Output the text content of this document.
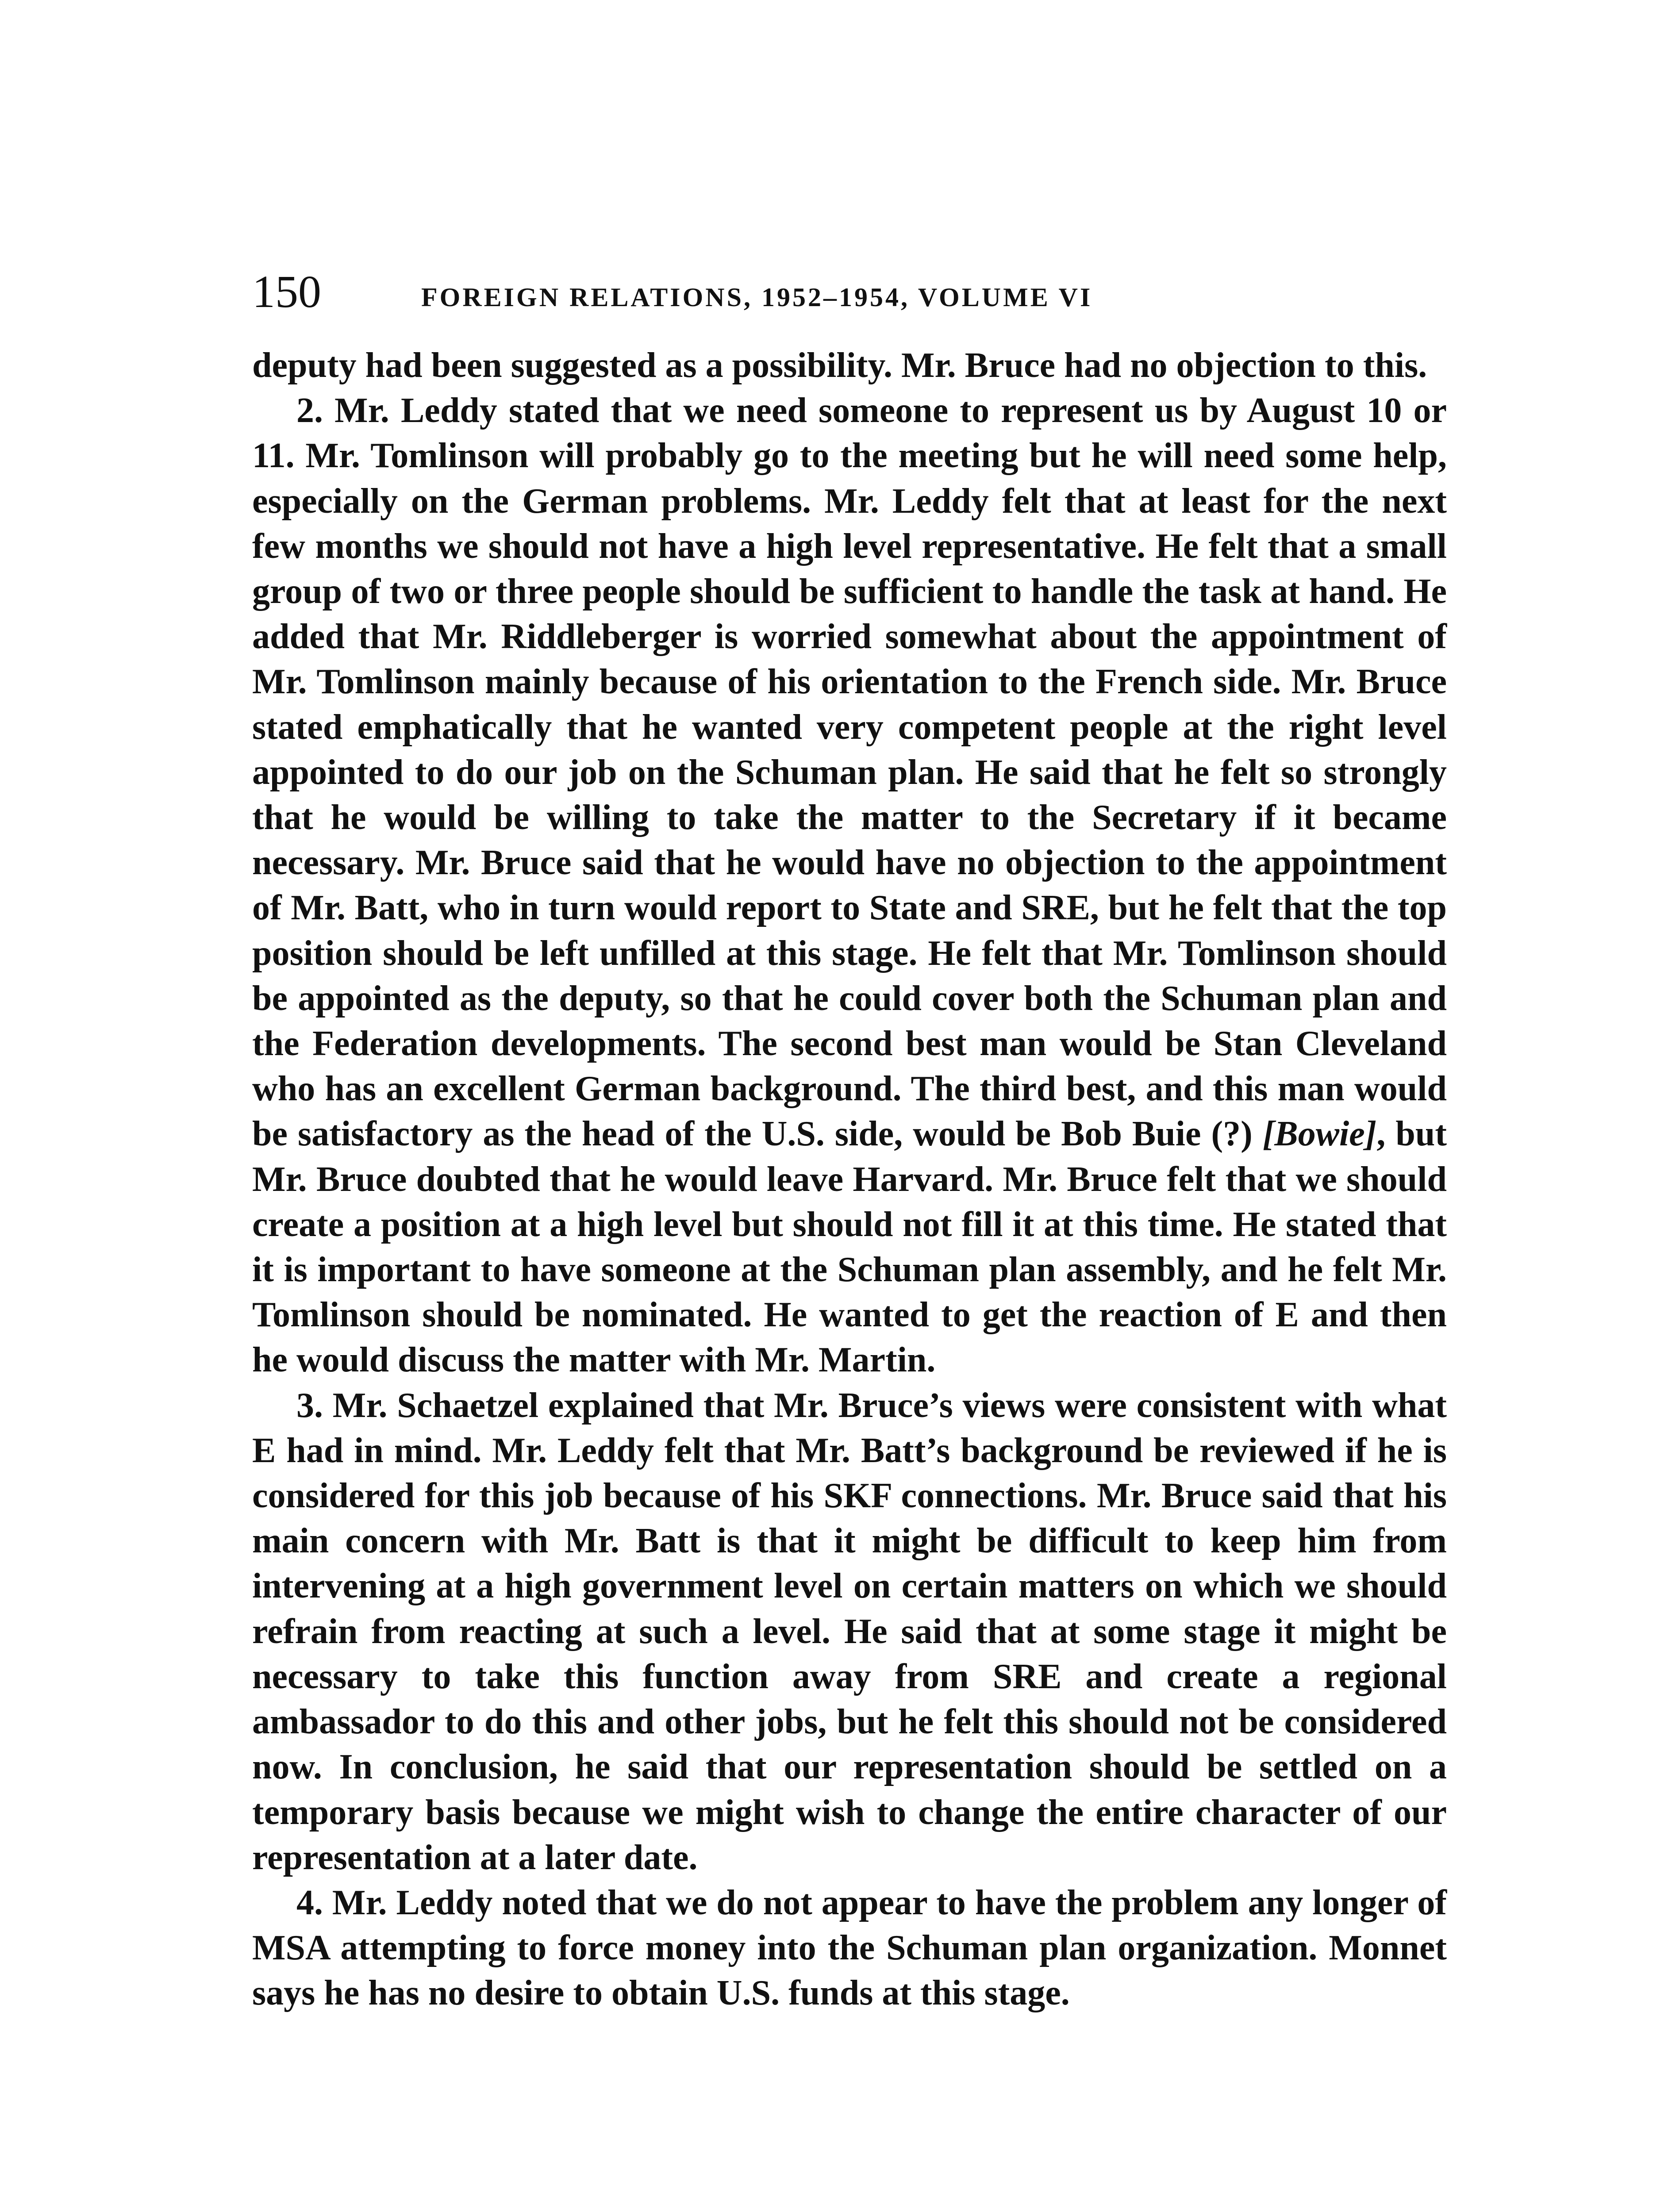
150	FOREIGN RELATIONS, 1952–1954, VOLUME VI

deputy had been suggested as a possibility. Mr. Bruce had no objection to this.

2. Mr. Leddy stated that we need someone to represent us by August 10 or 11. Mr. Tomlinson will probably go to the meeting but he will need some help, especially on the German problems. Mr. Leddy felt that at least for the next few months we should not have a high level representative. He felt that a small group of two or three people should be sufficient to handle the task at hand. He added that Mr. Riddleberger is worried somewhat about the appointment of Mr. Tomlinson mainly because of his orientation to the French side. Mr. Bruce stated emphatically that he wanted very competent people at the right level appointed to do our job on the Schuman plan. He said that he felt so strongly that he would be willing to take the matter to the Secretary if it became necessary. Mr. Bruce said that he would have no objection to the appointment of Mr. Batt, who in turn would report to State and SRE, but he felt that the top position should be left unfilled at this stage. He felt that Mr. Tomlinson should be appointed as the deputy, so that he could cover both the Schuman plan and the Federation developments. The second best man would be Stan Cleveland who has an excellent German background. The third best, and this man would be satisfactory as the head of the U.S. side, would be Bob Buie (?) [Bowie], but Mr. Bruce doubted that he would leave Harvard. Mr. Bruce felt that we should create a position at a high level but should not fill it at this time. He stated that it is important to have someone at the Schuman plan assembly, and he felt Mr. Tomlinson should be nominated. He wanted to get the reaction of E and then he would discuss the matter with Mr. Martin.

3. Mr. Schaetzel explained that Mr. Bruce’s views were consistent with what E had in mind. Mr. Leddy felt that Mr. Batt’s background be reviewed if he is considered for this job because of his SKF connections. Mr. Bruce said that his main concern with Mr. Batt is that it might be difficult to keep him from intervening at a high government level on certain matters on which we should refrain from reacting at such a level. He said that at some stage it might be necessary to take this function away from SRE and create a regional ambassador to do this and other jobs, but he felt this should not be considered now. In conclusion, he said that our representation should be settled on a temporary basis because we might wish to change the entire character of our representation at a later date.

4. Mr. Leddy noted that we do not appear to have the problem any longer of MSA attempting to force money into the Schuman plan organization. Monnet says he has no desire to obtain U.S. funds at this stage.
